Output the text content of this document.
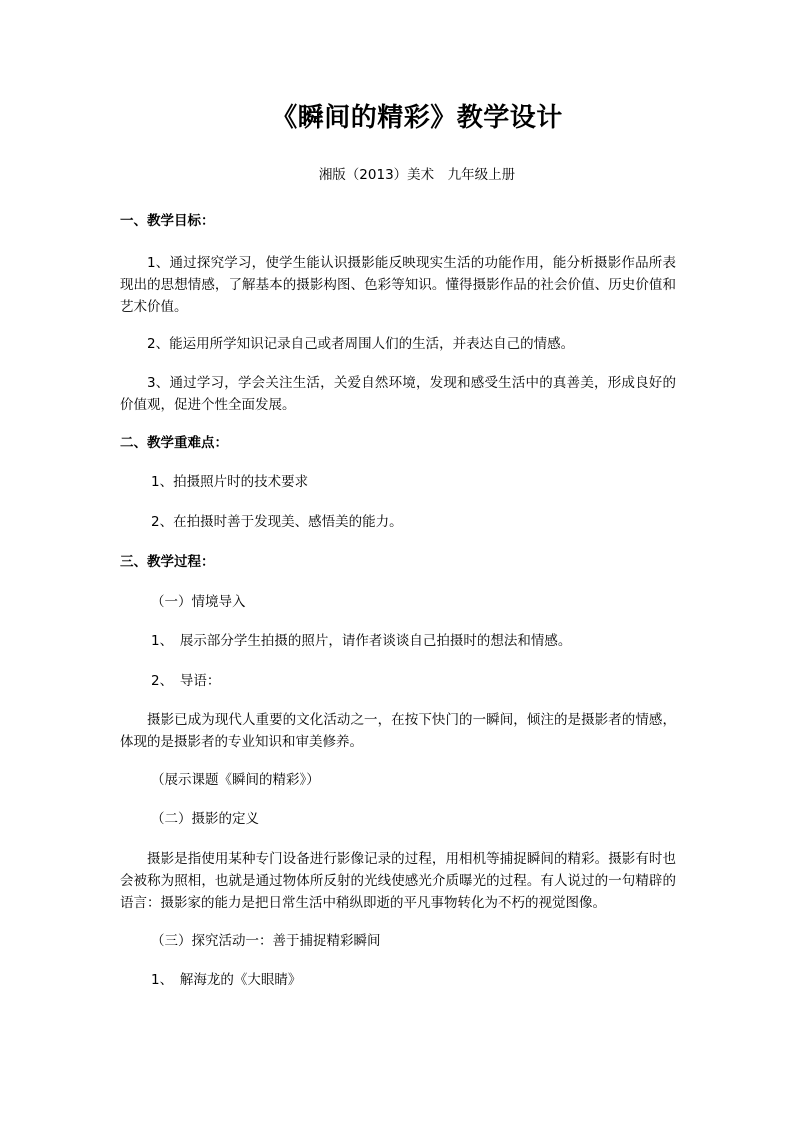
《瞬间的精彩》教学设计
湘版（2013）美术　九年级上册
一、教学目标：
1、通过探究学习，使学生能认识摄影能反映现实生活的功能作用，能分析摄影作品所表现出的思想情感，了解基本的摄影构图、色彩等知识。懂得摄影作品的社会价值、历史价值和艺术价值。
2、能运用所学知识记录自己或者周围人们的生活，并表达自己的情感。
3、通过学习，学会关注生活，关爱自然环境，发现和感受生活中的真善美，形成良好的价值观，促进个性全面发展。
二、教学重难点：
1、拍摄照片时的技术要求
2、在拍摄时善于发现美、感悟美的能力。
三、教学过程：
（一）情境导入
1、　展示部分学生拍摄的照片，请作者谈谈自己拍摄时的想法和情感。
2、　导语：
摄影已成为现代人重要的文化活动之一，在按下快门的一瞬间，倾注的是摄影者的情感，体现的是摄影者的专业知识和审美修养。
（展示课题《瞬间的精彩》）
（二）摄影的定义
摄影是指使用某种专门设备进行影像记录的过程，用相机等捕捉瞬间的精彩。摄影有时也会被称为照相，也就是通过物体所反射的光线使感光介质曝光的过程。有人说过的一句精辟的语言：摄影家的能力是把日常生活中稍纵即逝的平凡事物转化为不朽的视觉图像。
（三）探究活动一：善于捕捉精彩瞬间
1、　解海龙的《大眼睛》
